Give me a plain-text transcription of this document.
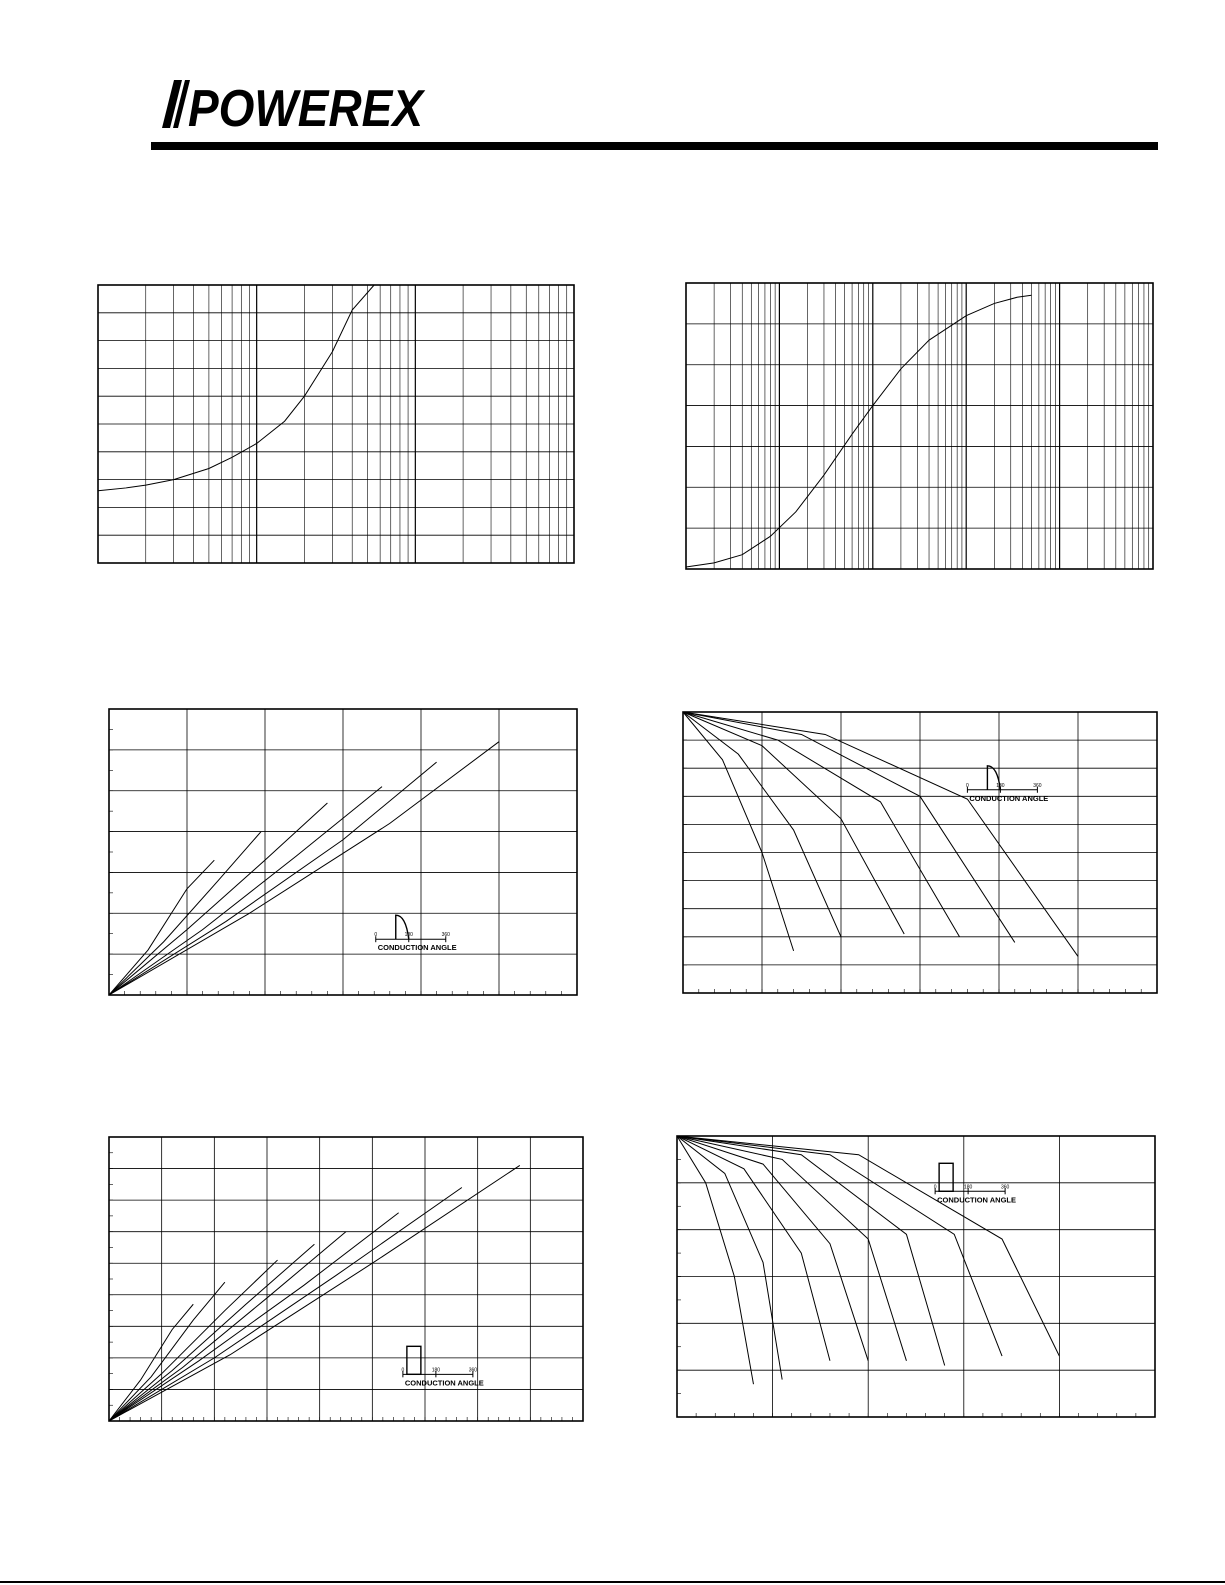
POWEREX
0	180	360
CONDUCTION ANGLE
0	180	360
CONDUCTION ANGLE
0	180	360
CONDUCTION ANGLE
0	180	360
CONDUCTION ANGLE
